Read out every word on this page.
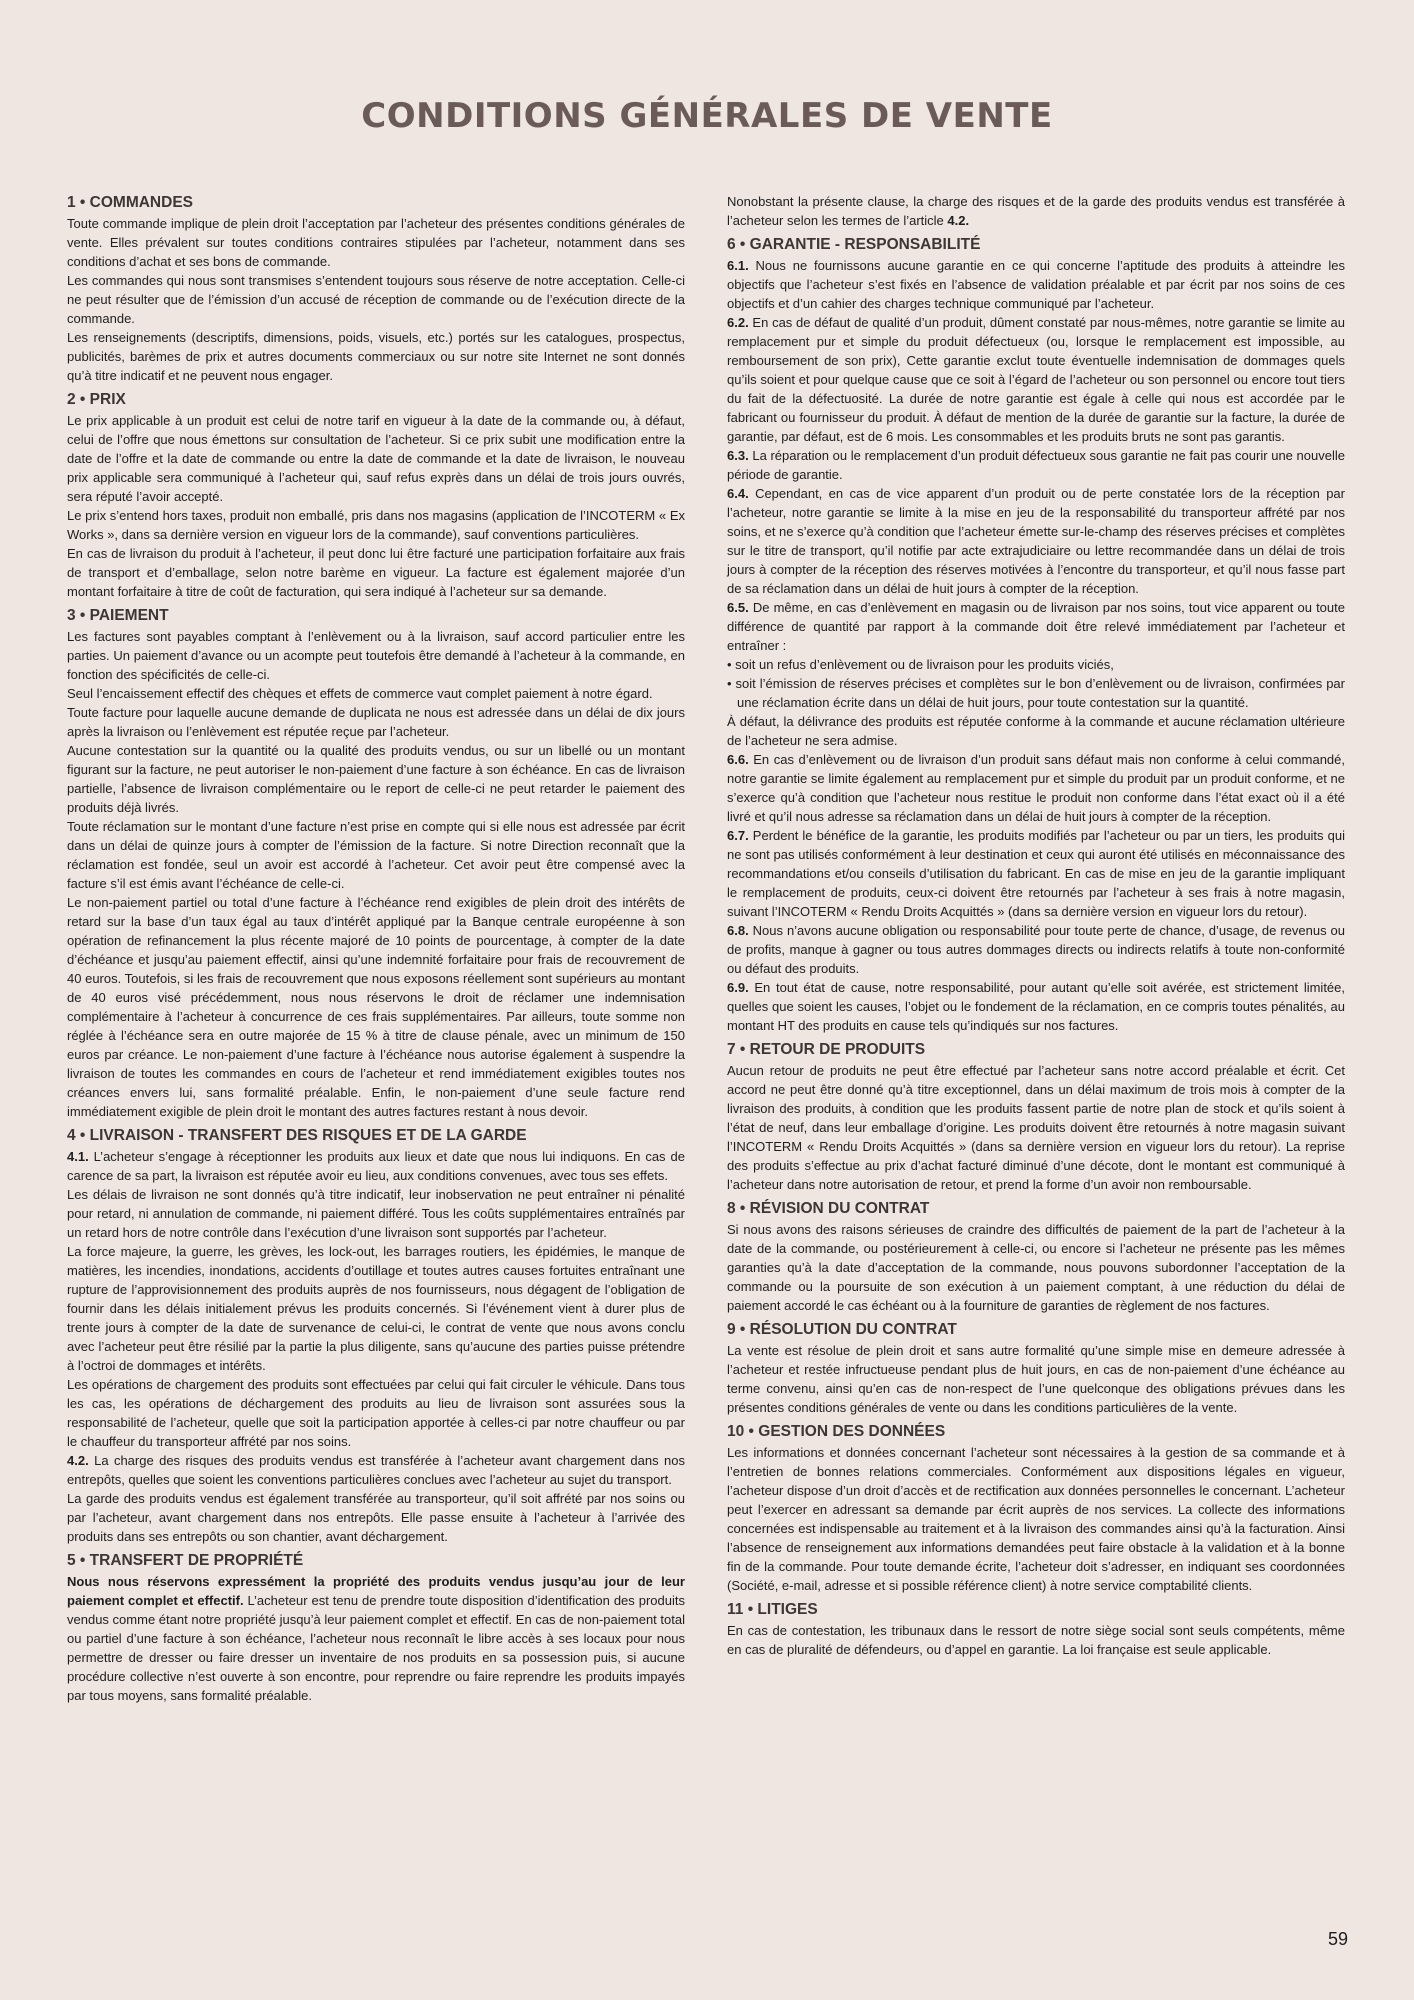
CONDITIONS GÉNÉRALES DE VENTE
1 • COMMANDES

Toute commande implique de plein droit l’acceptation par l’acheteur des présentes conditions générales de vente. Elles prévalent sur toutes conditions contraires stipulées par l’acheteur, notamment dans ses conditions d’achat et ses bons de commande.

Les commandes qui nous sont transmises s’entendent toujours sous réserve de notre acceptation. Celle-ci ne peut résulter que de l’émission d’un accusé de réception de commande ou de l’exécution directe de la commande.

Les renseignements (descriptifs, dimensions, poids, visuels, etc.) portés sur les catalogues, prospectus, publicités, barèmes de prix et autres documents commerciaux ou sur notre site Internet ne sont donnés qu’à titre indicatif et ne peuvent nous engager.

2 • PRIX

Le prix applicable à un produit est celui de notre tarif en vigueur à la date de la commande ou, à défaut, celui de l’offre que nous émettons sur consultation de l’acheteur. Si ce prix subit une modification entre la date de l’offre et la date de commande ou entre la date de commande et la date de livraison, le nouveau prix applicable sera communiqué à l’acheteur qui, sauf refus exprès dans un délai de trois jours ouvrés, sera réputé l’avoir accepté.

Le prix s’entend hors taxes, produit non emballé, pris dans nos magasins (application de l’INCOTERM « Ex Works », dans sa dernière version en vigueur lors de la commande), sauf conventions particulières.

En cas de livraison du produit à l’acheteur, il peut donc lui être facturé une participation forfaitaire aux frais de transport et d’emballage, selon notre barème en vigueur. La facture est également majorée d’un montant forfaitaire à titre de coût de facturation, qui sera indiqué à l’acheteur sur sa demande.

3 • PAIEMENT

Les factures sont payables comptant à l’enlèvement ou à la livraison, sauf accord particulier entre les parties. Un paiement d’avance ou un acompte peut toutefois être demandé à l’acheteur à la commande, en fonction des spécificités de celle-ci.

Seul l’encaissement effectif des chèques et effets de commerce vaut complet paiement à notre égard.

Toute facture pour laquelle aucune demande de duplicata ne nous est adressée dans un délai de dix jours après la livraison ou l’enlèvement est réputée reçue par l’acheteur.

Aucune contestation sur la quantité ou la qualité des produits vendus, ou sur un libellé ou un montant figurant sur la facture, ne peut autoriser le non-paiement d’une facture à son échéance. En cas de livraison partielle, l’absence de livraison complémentaire ou le report de celle-ci ne peut retarder le paiement des produits déjà livrés.

Toute réclamation sur le montant d’une facture n’est prise en compte qui si elle nous est adressée par écrit dans un délai de quinze jours à compter de l’émission de la facture. Si notre Direction reconnaît que la réclamation est fondée, seul un avoir est accordé à l’acheteur. Cet avoir peut être compensé avec la facture s’il est émis avant l’échéance de celle-ci.

Le non-paiement partiel ou total d’une facture à l’échéance rend exigibles de plein droit des intérêts de retard sur la base d’un taux égal au taux d’intérêt appliqué par la Banque centrale européenne à son opération de refinancement la plus récente majoré de 10 points de pourcentage, à compter de la date d’échéance et jusqu’au paiement effectif, ainsi qu’une indemnité forfaitaire pour frais de recouvrement de 40 euros. Toutefois, si les frais de recouvrement que nous exposons réellement sont supérieurs au montant de 40 euros visé précédemment, nous nous réservons le droit de réclamer une indemnisation complémentaire à l’acheteur à concurrence de ces frais supplémentaires. Par ailleurs, toute somme non réglée à l’échéance sera en outre majorée de 15 % à titre de clause pénale, avec un minimum de 150 euros par créance. Le non-paiement d’une facture à l’échéance nous autorise également à suspendre la livraison de toutes les commandes en cours de l’acheteur et rend immédiatement exigibles toutes nos créances envers lui, sans formalité préalable. Enfin, le non-paiement d’une seule facture rend immédiatement exigible de plein droit le montant des autres factures restant à nous devoir.

4 • LIVRAISON - TRANSFERT DES RISQUES ET DE LA GARDE

4.1. L’acheteur s’engage à réceptionner les produits aux lieux et date que nous lui indiquons. En cas de carence de sa part, la livraison est réputée avoir eu lieu, aux conditions convenues, avec tous ses effets.

Les délais de livraison ne sont donnés qu’à titre indicatif, leur inobservation ne peut entraîner ni pénalité pour retard, ni annulation de commande, ni paiement différé. Tous les coûts supplémentaires entraînés par un retard hors de notre contrôle dans l’exécution d’une livraison sont supportés par l’acheteur.

La force majeure, la guerre, les grèves, les lock-out, les barrages routiers, les épidémies, le manque de matières, les incendies, inondations, accidents d’outillage et toutes autres causes fortuites entraînant une rupture de l’approvisionnement des produits auprès de nos fournisseurs, nous dégagent de l’obligation de fournir dans les délais initialement prévus les produits concernés. Si l’événement vient à durer plus de trente jours à compter de la date de survenance de celui-ci, le contrat de vente que nous avons conclu avec l’acheteur peut être résilié par la partie la plus diligente, sans qu’aucune des parties puisse prétendre à l’octroi de dommages et intérêts.

Les opérations de chargement des produits sont effectuées par celui qui fait circuler le véhicule. Dans tous les cas, les opérations de déchargement des produits au lieu de livraison sont assurées sous la responsabilité de l’acheteur, quelle que soit la participation apportée à celles-ci par notre chauffeur ou par le chauffeur du transporteur affrété par nos soins.

4.2. La charge des risques des produits vendus est transférée à l’acheteur avant chargement dans nos entrepôts, quelles que soient les conventions particulières conclues avec l’acheteur au sujet du transport.

La garde des produits vendus est également transférée au transporteur, qu’il soit affrété par nos soins ou par l’acheteur, avant chargement dans nos entrepôts. Elle passe ensuite à l’acheteur à l’arrivée des produits dans ses entrepôts ou son chantier, avant déchargement.

5 • TRANSFERT DE PROPRIÉTÉ

Nous nous réservons expressément la propriété des produits vendus jusqu’au jour de leur paiement complet et effectif. L’acheteur est tenu de prendre toute disposition d’identification des produits vendus comme étant notre propriété jusqu’à leur paiement complet et effectif. En cas de non-paiement total ou partiel d’une facture à son échéance, l’acheteur nous reconnaît le libre accès à ses locaux pour nous permettre de dresser ou faire dresser un inventaire de nos produits en sa possession puis, si aucune procédure collective n’est ouverte à son encontre, pour reprendre ou faire reprendre les produits impayés par tous moyens, sans formalité préalable.

Nonobstant la présente clause, la charge des risques et de la garde des produits vendus est transférée à l’acheteur selon les termes de l’article 4.2.

6 • GARANTIE - RESPONSABILITÉ

6.1. Nous ne fournissons aucune garantie en ce qui concerne l’aptitude des produits à atteindre les objectifs que l’acheteur s’est fixés en l’absence de validation préalable et par écrit par nos soins de ces objectifs et d’un cahier des charges technique communiqué par l’acheteur.

6.2. En cas de défaut de qualité d’un produit, dûment constaté par nous-mêmes, notre garantie se limite au remplacement pur et simple du produit défectueux (ou, lorsque le remplacement est impossible, au remboursement de son prix), Cette garantie exclut toute éventuelle indemnisation de dommages quels qu’ils soient et pour quelque cause que ce soit à l’égard de l’acheteur ou son personnel ou encore tout tiers du fait de la défectuosité. La durée de notre garantie est égale à celle qui nous est accordée par le fabricant ou fournisseur du produit. À défaut de mention de la durée de garantie sur la facture, la durée de garantie, par défaut, est de 6 mois. Les consommables et les produits bruts ne sont pas garantis.

6.3. La réparation ou le remplacement d’un produit défectueux sous garantie ne fait pas courir une nouvelle période de garantie.

6.4. Cependant, en cas de vice apparent d’un produit ou de perte constatée lors de la réception par l’acheteur, notre garantie se limite à la mise en jeu de la responsabilité du transporteur affrété par nos soins, et ne s’exerce qu’à condition que l’acheteur émette sur-le-champ des réserves précises et complètes sur le titre de transport, qu’il notifie par acte extrajudiciaire ou lettre recommandée dans un délai de trois jours à compter de la réception des réserves motivées à l’encontre du transporteur, et qu’il nous fasse part de sa réclamation dans un délai de huit jours à compter de la réception.

6.5. De même, en cas d’enlèvement en magasin ou de livraison par nos soins, tout vice apparent ou toute différence de quantité par rapport à la commande doit être relevé immédiatement par l’acheteur et entraîner :

• soit un refus d’enlèvement ou de livraison pour les produits viciés,
• soit l’émission de réserves précises et complètes sur le bon d’enlèvement ou de livraison, confirmées par une réclamation écrite dans un délai de huit jours, pour toute contestation sur la quantité.

À défaut, la délivrance des produits est réputée conforme à la commande et aucune réclamation ultérieure de l’acheteur ne sera admise.

6.6. En cas d’enlèvement ou de livraison d’un produit sans défaut mais non conforme à celui commandé, notre garantie se limite également au remplacement pur et simple du produit par un produit conforme, et ne s’exerce qu’à condition que l’acheteur nous restitue le produit non conforme dans l’état exact où il a été livré et qu’il nous adresse sa réclamation dans un délai de huit jours à compter de la réception.

6.7. Perdent le bénéfice de la garantie, les produits modifiés par l’acheteur ou par un tiers, les produits qui ne sont pas utilisés conformément à leur destination et ceux qui auront été utilisés en méconnaissance des recommandations et/ou conseils d’utilisation du fabricant. En cas de mise en jeu de la garantie impliquant le remplacement de produits, ceux-ci doivent être retournés par l’acheteur à ses frais à notre magasin, suivant l’INCOTERM « Rendu Droits Acquittés » (dans sa dernière version en vigueur lors du retour).

6.8. Nous n’avons aucune obligation ou responsabilité pour toute perte de chance, d’usage, de revenus ou de profits, manque à gagner ou tous autres dommages directs ou indirects relatifs à toute non-conformité ou défaut des produits.

6.9. En tout état de cause, notre responsabilité, pour autant qu’elle soit avérée, est strictement limitée, quelles que soient les causes, l’objet ou le fondement de la réclamation, en ce compris toutes pénalités, au montant HT des produits en cause tels qu’indiqués sur nos factures.

7 • RETOUR DE PRODUITS

Aucun retour de produits ne peut être effectué par l’acheteur sans notre accord préalable et écrit. Cet accord ne peut être donné qu’à titre exceptionnel, dans un délai maximum de trois mois à compter de la livraison des produits, à condition que les produits fassent partie de notre plan de stock et qu’ils soient à l’état de neuf, dans leur emballage d’origine. Les produits doivent être retournés à notre magasin suivant l’INCOTERM « Rendu Droits Acquittés » (dans sa dernière version en vigueur lors du retour). La reprise des produits s’effectue au prix d’achat facturé diminué d’une décote, dont le montant est communiqué à l’acheteur dans notre autorisation de retour, et prend la forme d’un avoir non remboursable.

8 • RÉVISION DU CONTRAT

Si nous avons des raisons sérieuses de craindre des difficultés de paiement de la part de l’acheteur à la date de la commande, ou postérieurement à celle-ci, ou encore si l’acheteur ne présente pas les mêmes garanties qu’à la date d’acceptation de la commande, nous pouvons subordonner l’acceptation de la commande ou la poursuite de son exécution à un paiement comptant, à une réduction du délai de paiement accordé le cas échéant ou à la fourniture de garanties de règlement de nos factures.

9 • RÉSOLUTION DU CONTRAT

La vente est résolue de plein droit et sans autre formalité qu’une simple mise en demeure adressée à l’acheteur et restée infructueuse pendant plus de huit jours, en cas de non-paiement d’une échéance au terme convenu, ainsi qu’en cas de non-respect de l’une quelconque des obligations prévues dans les présentes conditions générales de vente ou dans les conditions particulières de la vente.

10 • GESTION DES DONNÉES

Les informations et données concernant l’acheteur sont nécessaires à la gestion de sa commande et à l’entretien de bonnes relations commerciales. Conformément aux dispositions légales en vigueur, l’acheteur dispose d’un droit d’accès et de rectification aux données personnelles le concernant. L’acheteur peut l’exercer en adressant sa demande par écrit auprès de nos services. La collecte des informations concernées est indispensable au traitement et à la livraison des commandes ainsi qu’à la facturation. Ainsi l’absence de renseignement aux informations demandées peut faire obstacle à la validation et à la bonne fin de la commande. Pour toute demande écrite, l’acheteur doit s’adresser, en indiquant ses coordonnées (Société, e-mail, adresse et si possible référence client) à notre service comptabilité clients.

11 • LITIGES

En cas de contestation, les tribunaux dans le ressort de notre siège social sont seuls compétents, même en cas de pluralité de défendeurs, ou d’appel en garantie. La loi française est seule applicable.

59
